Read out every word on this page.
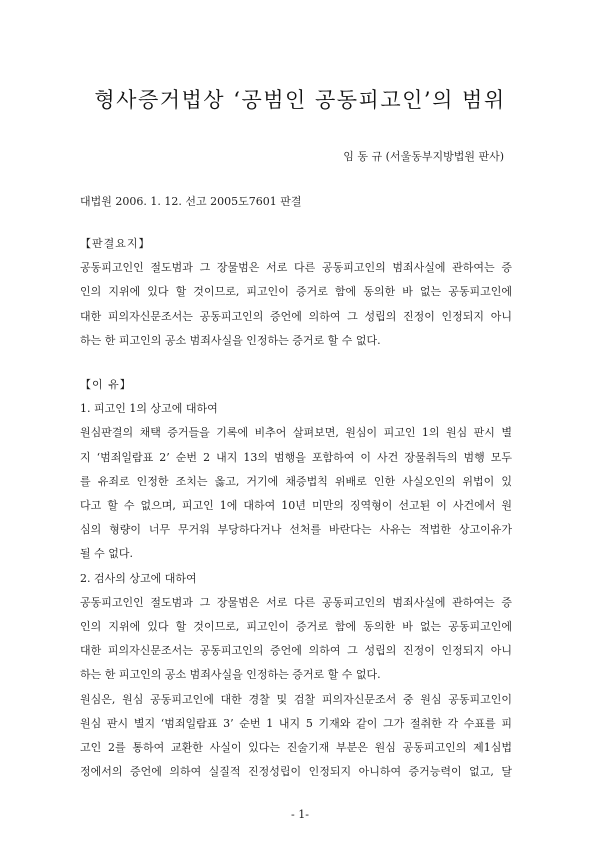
형사증거법상 ‘공범인 공동피고인’의 범위
임 동 규 (서울동부지방법원 판사)
대법원 2006. 1. 12. 선고 2005도7601 판결
【판결요지】
공동피고인인 절도범과 그 장물범은 서로 다른 공동피고인의 범죄사실에 관하여는 증
인의 지위에 있다 할 것이므로, 피고인이 증거로 함에 동의한 바 없는 공동피고인에
대한 피의자신문조서는 공동피고인의 증언에 의하여 그 성립의 진정이 인정되지 아니
하는 한 피고인의 공소 범죄사실을 인정하는 증거로 할 수 없다.
【이 유】
1. 피고인 1의 상고에 대하여
원심판결의 채택 증거들을 기록에 비추어 살펴보면, 원심이 피고인 1의 원심 판시 별
지 ‘범죄일람표 2’ 순번 2 내지 13의 범행을 포함하여 이 사건 장물취득의 범행 모두
를 유죄로 인정한 조치는 옳고, 거기에 채증법칙 위배로 인한 사실오인의 위법이 있
다고 할 수 없으며, 피고인 1에 대하여 10년 미만의 징역형이 선고된 이 사건에서 원
심의 형량이 너무 무거워 부당하다거나 선처를 바란다는 사유는 적법한 상고이유가
될 수 없다.
2. 검사의 상고에 대하여
공동피고인인 절도범과 그 장물범은 서로 다른 공동피고인의 범죄사실에 관하여는 증
인의 지위에 있다 할 것이므로, 피고인이 증거로 함에 동의한 바 없는 공동피고인에
대한 피의자신문조서는 공동피고인의 증언에 의하여 그 성립의 진정이 인정되지 아니
하는 한 피고인의 공소 범죄사실을 인정하는 증거로 할 수 없다.
원심은, 원심 공동피고인에 대한 경찰 및 검찰 피의자신문조서 중 원심 공동피고인이
원심 판시 별지 ‘범죄일람표 3’ 순번 1 내지 5 기재와 같이 그가 절취한 각 수표를 피
고인 2를 통하여 교환한 사실이 있다는 진술기재 부분은 원심 공동피고인의 제1심법
정에서의 증언에 의하여 실질적 진정성립이 인정되지 아니하여 증거능력이 없고, 달
- 1-
